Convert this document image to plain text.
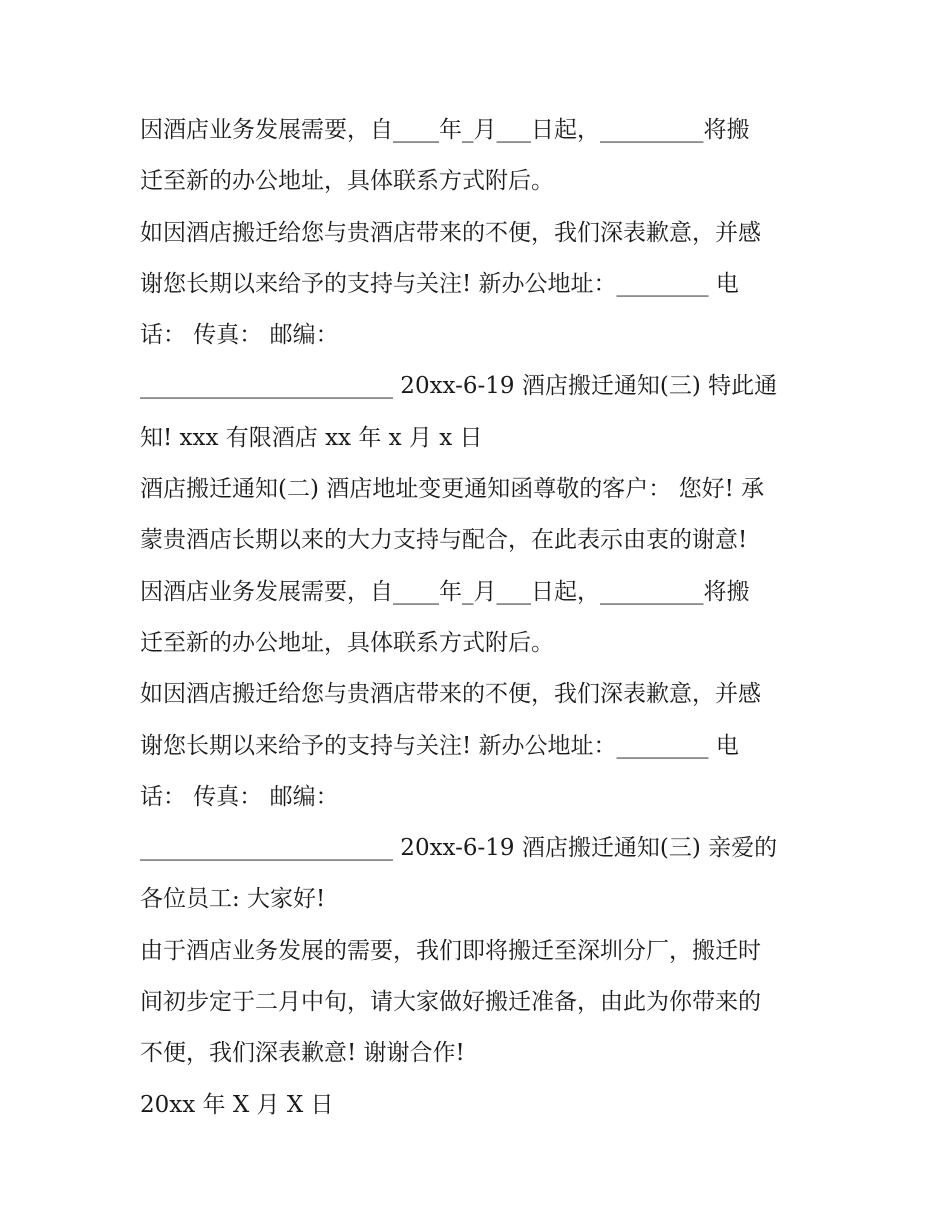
因酒店业务发展需要，自____年_月___日起，_________将搬
迁至新的办公地址，具体联系方式附后。
如因酒店搬迁给您与贵酒店带来的不便，我们深表歉意，并感
谢您长期以来给予的支持与关注! 新办公地址：________ 电
话： 传真： 邮编：
______________________ 20xx-6-19 酒店搬迁通知(三) 特此通
知! xxx 有限酒店 xx 年 x 月 x 日
酒店搬迁通知(二) 酒店地址变更通知函尊敬的客户： 您好! 承
蒙贵酒店长期以来的大力支持与配合，在此表示由衷的谢意!
因酒店业务发展需要，自____年_月___日起，_________将搬
迁至新的办公地址，具体联系方式附后。
如因酒店搬迁给您与贵酒店带来的不便，我们深表歉意，并感
谢您长期以来给予的支持与关注! 新办公地址：________ 电
话： 传真： 邮编：
______________________ 20xx-6-19 酒店搬迁通知(三) 亲爱的
各位员工: 大家好!
由于酒店业务发展的需要，我们即将搬迁至深圳分厂，搬迁时
间初步定于二月中旬，请大家做好搬迁准备，由此为你带来的
不便，我们深表歉意! 谢谢合作!
20xx 年 X 月 X 日
